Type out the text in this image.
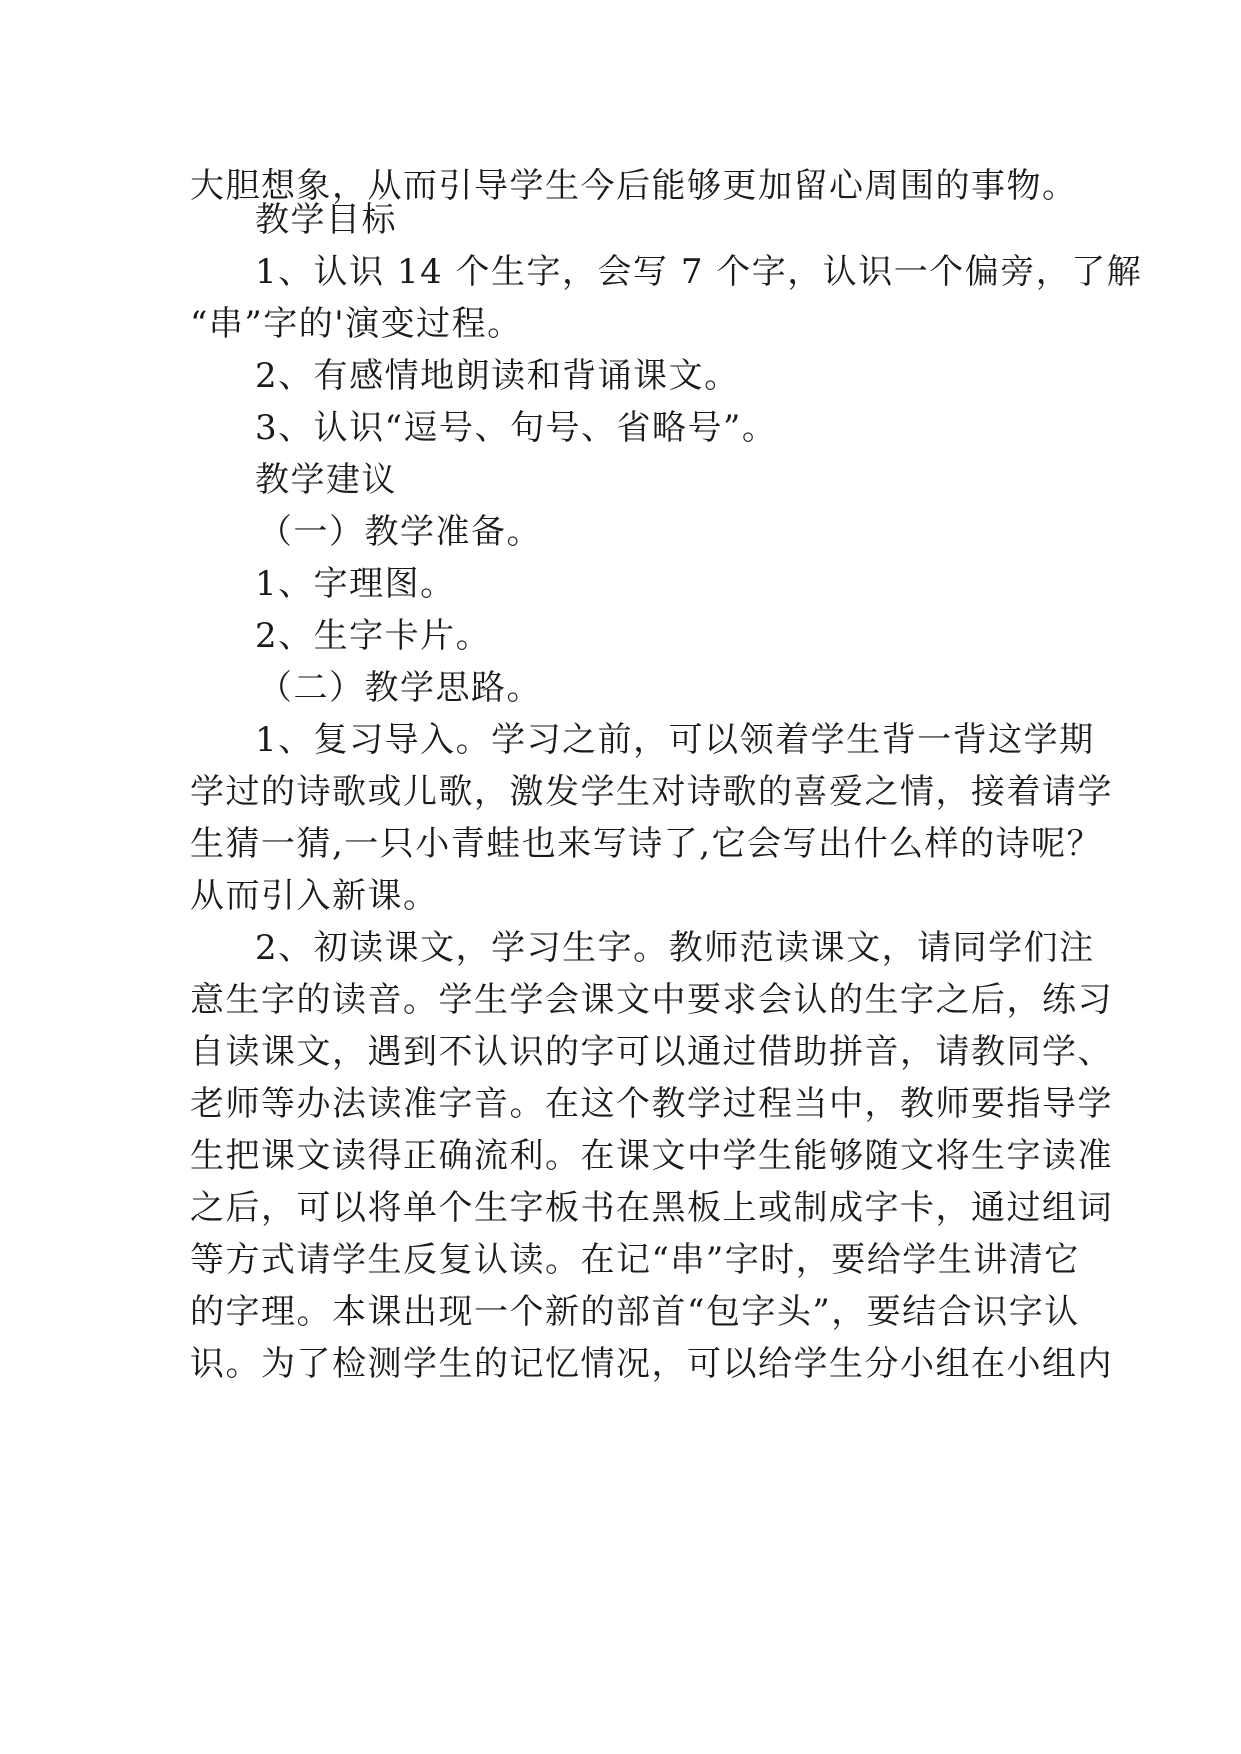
大胆想象，从而引导学生今后能够更加留心周围的事物。
教学目标
1、认识 14 个生字，会写 7 个字，认识一个偏旁，了解
“串”字的'演变过程。
2、有感情地朗读和背诵课文。
3、认识“逗号、句号、省略号”。
教学建议
（一）教学准备。
1、字理图。
2、生字卡片。
（二）教学思路。
1、复习导入。学习之前，可以领着学生背一背这学期
学过的诗歌或儿歌，激发学生对诗歌的喜爱之情，接着请学
生猜一猜,一只小青蛙也来写诗了,它会写出什么样的诗呢？
从而引入新课。
2、初读课文，学习生字。教师范读课文，请同学们注
意生字的读音。学生学会课文中要求会认的生字之后，练习
自读课文，遇到不认识的字可以通过借助拼音，请教同学、
老师等办法读准字音。在这个教学过程当中，教师要指导学
生把课文读得正确流利。在课文中学生能够随文将生字读准
之后，可以将单个生字板书在黑板上或制成字卡，通过组词
等方式请学生反复认读。在记“串”字时，要给学生讲清它
的字理。本课出现一个新的部首“包字头”，要结合识字认
识。为了检测学生的记忆情况，可以给学生分小组在小组内
